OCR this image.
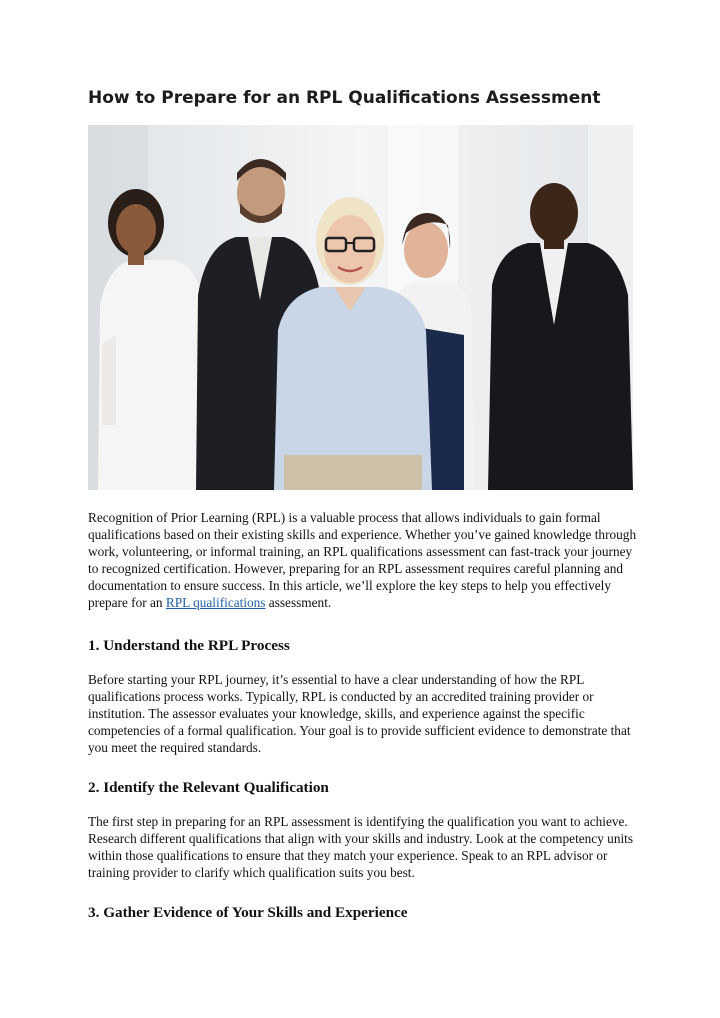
How to Prepare for an RPL Qualifications Assessment

Recognition of Prior Learning (RPL) is a valuable process that allows individuals to gain formal qualifications based on their existing skills and experience. Whether you’ve gained knowledge through work, volunteering, or informal training, an RPL qualifications assessment can fast-track your journey to recognized certification. However, preparing for an RPL assessment requires careful planning and documentation to ensure success. In this article, we’ll explore the key steps to help you effectively prepare for an RPL qualifications assessment.

1. Understand the RPL Process

Before starting your RPL journey, it’s essential to have a clear understanding of how the RPL qualifications process works. Typically, RPL is conducted by an accredited training provider or institution. The assessor evaluates your knowledge, skills, and experience against the specific competencies of a formal qualification. Your goal is to provide sufficient evidence to demonstrate that you meet the required standards.

2. Identify the Relevant Qualification

The first step in preparing for an RPL assessment is identifying the qualification you want to achieve. Research different qualifications that align with your skills and industry. Look at the competency units within those qualifications to ensure that they match your experience. Speak to an RPL advisor or training provider to clarify which qualification suits you best.

3. Gather Evidence of Your Skills and Experience
